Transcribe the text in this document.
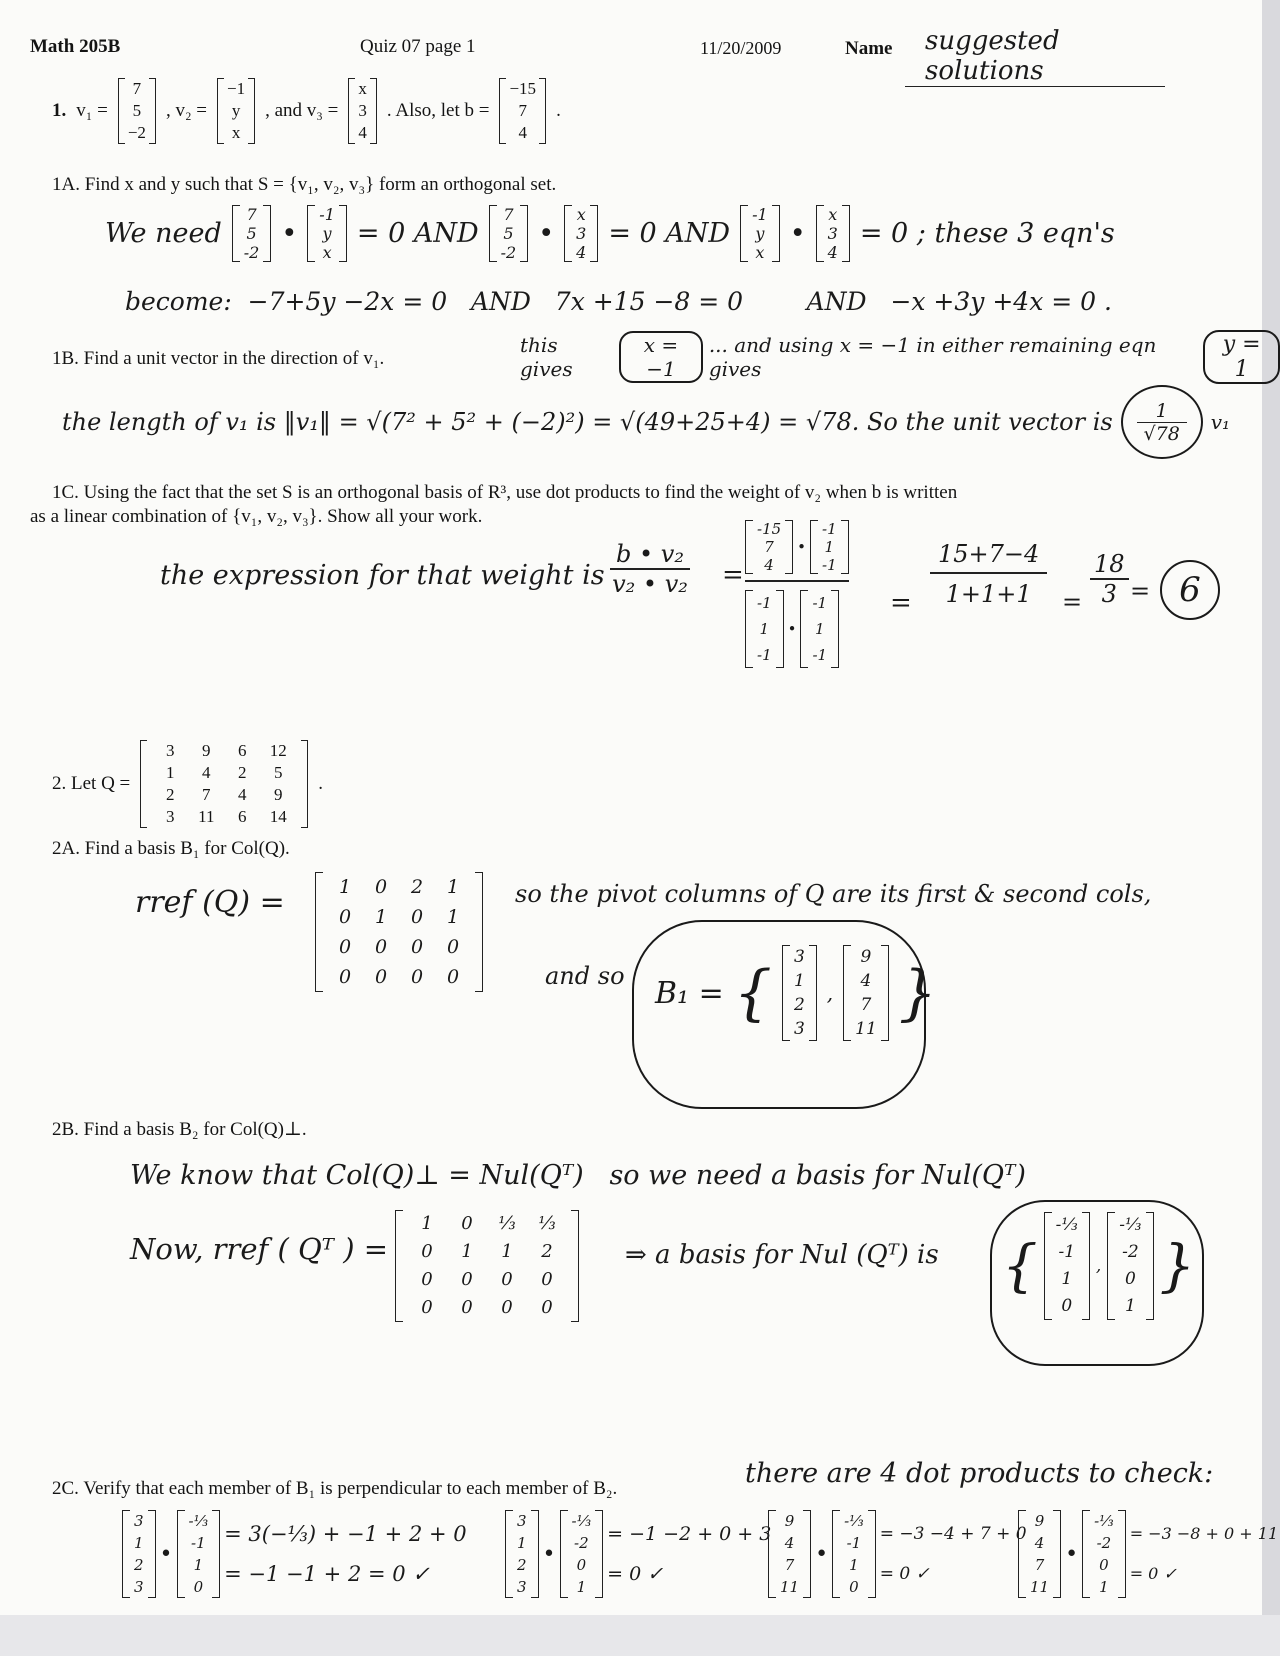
Math 205B	Quiz 07 page 1	11/20/2009	Name	suggested solutions
1. v₁ =
7
5
−2
, v₂ =
−1
y
x
, and v₃ =
x
3
4
. Also, let b =
−15
7
4
.
1A. Find x and y such that S = {v₁, v₂, v₃} form an orthogonal set.
We need
7
5
-2
•
-1
y
x
= 0 AND
7
5
-2
•
x
3
4
= 0 AND
-1
y
x
•
x
3
4
= 0 ; these 3 eqn's
become:  −7+5y −2x = 0   AND   7x +15 −8 = 0        AND   −x +3y +4x = 0 .
1B. Find a unit vector in the direction of v₁.
this gives
x = −1
... and using x = −1 in either remaining eqn gives
y = 1
the length of v₁ is ‖v₁‖ = √(7² + 5² + (−2)²) = √(49+25+4) = √78. So the unit vector is $\frac{1}{√78} v_1$
1C. Using the fact that the set S is an orthogonal basis of R³, use dot products to find the weight of v₂ when b is written
as a linear combination of {v₁, v₂, v₃}. Show all your work.
the expression for that weight is $\frac{\text{b • v₂}}{\text{v₂ • v₂}} = -15$
7
4
•
-1
1
-1
-1
1
-1
•
-1
1
$-1 = \frac{15+7-4}{1+1+1} = \frac{18}{3} = 6$
2. Let Q =
3	9	6	12
1	4	2	5
2	7	4	9
3	11	6	14
.
2A. Find a basis B₁ for Col(Q).
rref (Q) =	1	0	2	1
0	1	0	1
0	0	0	0
0	0	0	0
so the pivot columns of Q are its first & second cols,
and so B₁ = {
3
1
2
3
,
9
4
7
11
}
2B. Find a basis B₂ for Col(Q)⊥.
We know that Col(Q)⊥ = Nul(Qᵀ)   so we need a basis for Nul(Qᵀ)
Now, rref ( Qᵀ ) =
1	0	⅓	⅓
0	1	1	2
0	0	0	0
0	0	0	0
⇒ a basis for Nul (Qᵀ) is {
-⅓
-1
1
0
,
-⅓
-2
0
1
}
2C. Verify that each member of B₁ is perpendicular to each member of B₂.	there are 4 dot products to check:
3
1
2
3
•
-⅓
-1
1
0
= 3(−⅓) + −1 + 2 + 0
= −1 −1 + 2 = 0 ✓
3
1
2
3
•
-⅓
-2
0
1
= −1 −2 + 0 + 3
= 0 ✓
9
4
7
11
•
-⅓
-1
1
0
= −3 −4 + 7 + 0
= 0 ✓
9
4
7
11
•
-⅓
-2
0
1
= −3 −8 + 0 + 11
= 0 ✓
